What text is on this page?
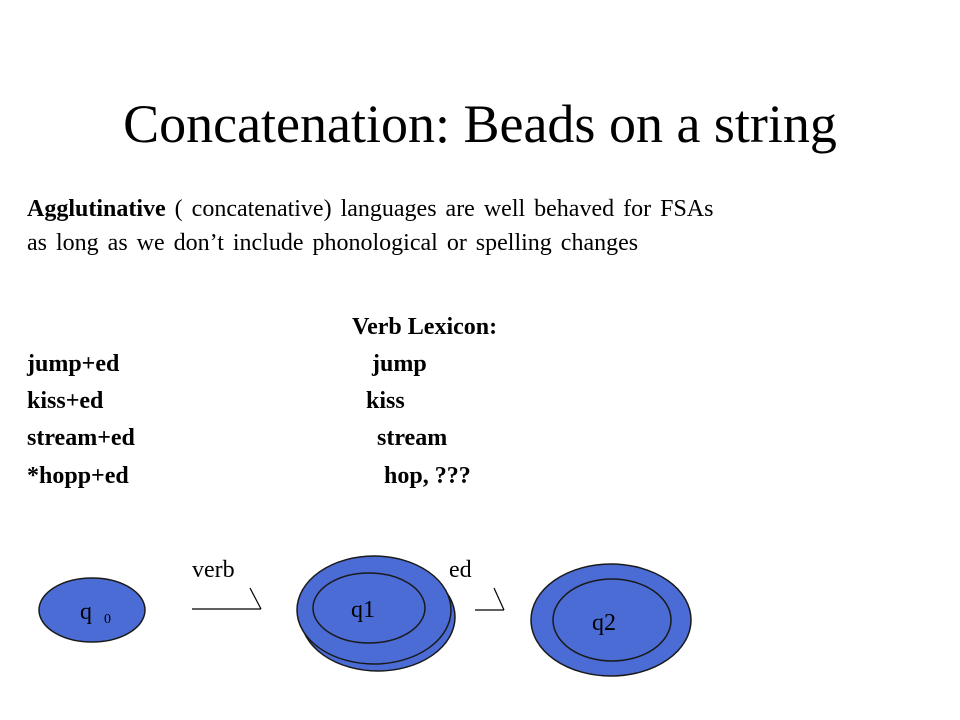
Concatenation: Beads on a string
Agglutinative ( concatenative) languages are well behaved for FSAs
as long as we don’t include phonological or spelling changes
Verb Lexicon:
jump+ed	jump
kiss+ed	kiss
stream+ed	stream
*hopp+ed	hop, ???
q 0
verb
q1
ed
q2
